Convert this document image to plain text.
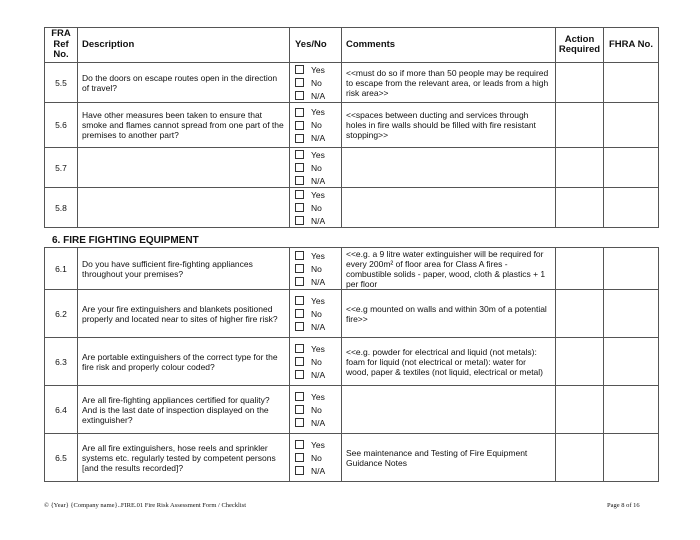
FRA Ref No.	Description	Yes/No	Comments	Action Required	FHRA No.
5.5	Do the doors on escape routes open in the direction of travel?	Yes
No
N/A	<<must do so if more than 50 people may be required to escape from the relevant area, or leads from a high risk area>>		
5.6	Have other measures been taken to ensure that smoke and flames cannot spread from one part of the premises to another part?	Yes
No
N/A	<<spaces between ducting and services through holes in fire walls should be filled with fire resistant stopping>>		
5.7		Yes
No
N/A			

5.8		Yes
No
N/A			

6. FIRE FIGHTING EQUIPMENT
6.1	Do you have sufficient fire-fighting appliances throughout your premises?	Yes
No
N/A	<<e.g. a 9 litre water extinguisher will be required for every 200m² of floor area for Class A fires - combustible solids - paper, wood, cloth & plastics + 1 per floor		
6.2	Are your fire extinguishers and blankets positioned properly and located near to sites of higher fire risk?	Yes
No
N/A	<<e.g mounted on walls and within 30m of a potential fire>>		
6.3	Are portable extinguishers of the correct type for the fire risk and properly colour coded?	Yes
No
N/A	<<e.g. powder for electrical and liquid (not metals): foam for liquid (not electrical or metal): water for wood, paper & textiles (not liquid, electrical or metal)		
6.4	Are all fire-fighting appliances certified for quality? And is the last date of inspection displayed on the extinguisher?	Yes
No
N/A			

6.5	Are all fire extinguishers, hose reels and sprinkler systems etc. regularly tested by competent persons [and the results recorded]?	Yes
No
N/A	See maintenance and Testing of Fire Equipment Guidance Notes		
© {Year} {Company name}..FIRE.01 Fire Risk Assessment Form / Checklist	Page 8 of 16
